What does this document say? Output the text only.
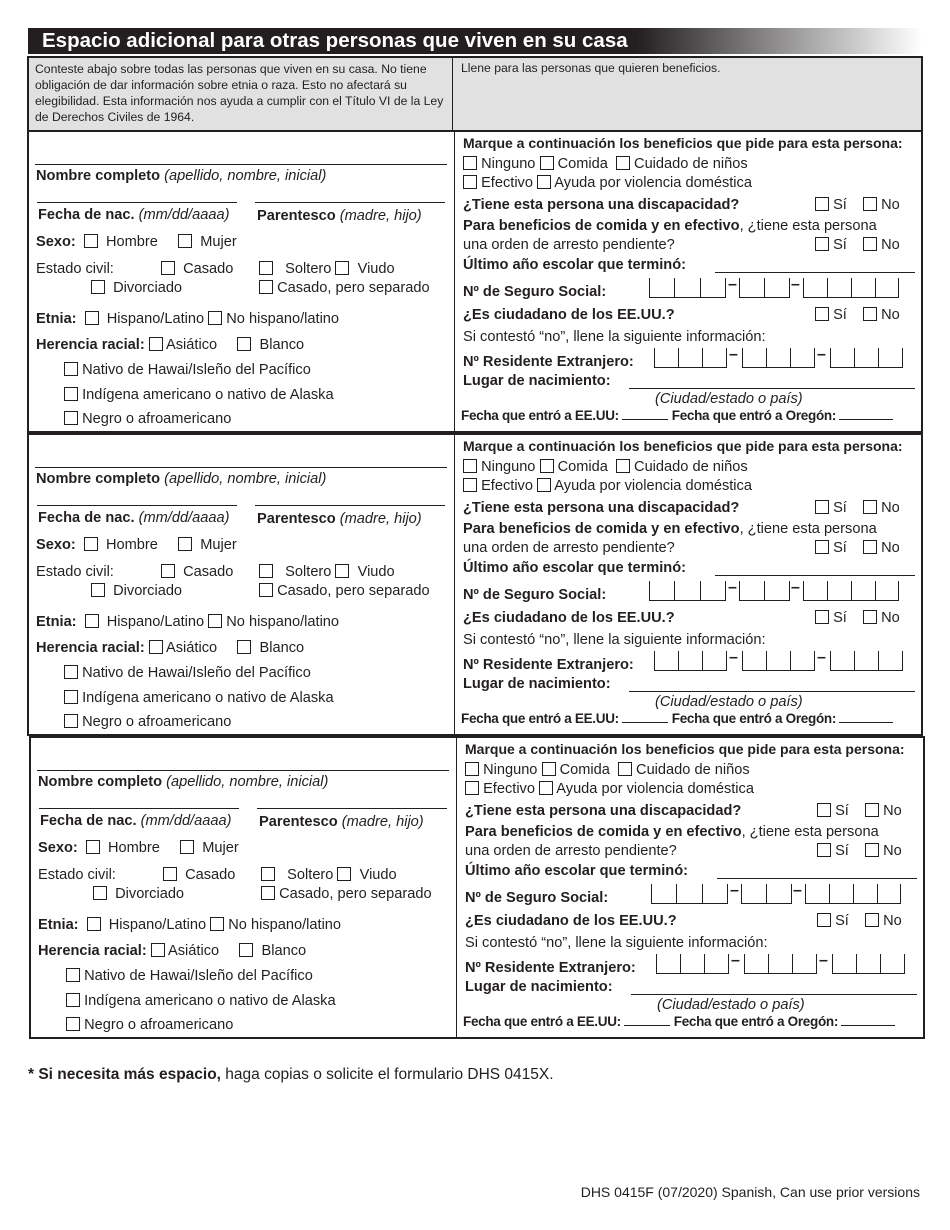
Espacio adicional para otras personas que viven en su casa
Conteste abajo sobre todas las personas que viven en su casa. No tiene
obligación de dar información sobre etnia o raza. Esto no afectará su
elegibilidad. Esta información nos ayuda a cumplir con el Título VI de la Ley
de Derechos Civiles de 1964.
Llene para las personas que quieren beneficios.
Nombre completo (apellido, nombre, inicial)
Fecha de nac. (mm/dd/aaaa) Parentesco (madre, hijo)
Sexo: Hombre	Mujer
Estado civil:	Casado	Soltero Viudo
Divorciado	Casado, pero separado
Etnia: Hispano/Latino No hispano/latino
Herencia racial: Asiático	Blanco
Nativo de Hawai/Isleño del Pacífico
Indígena americano o nativo de Alaska
Negro o afroamericano
Marque a continuación los beneficios que pide para esta persona:
Ninguno Comida Cuidado de niños
Efectivo Ayuda por violencia doméstica
¿Tiene esta persona una discapacidad?	Sí No
Para beneficios de comida y en efectivo, ¿tiene esta persona
una orden de arresto pendiente?	Sí No
Último año escolar que terminó:
Nº de Seguro Social:	–	–
¿Es ciudadano de los EE.UU.?	Sí No
Si contestó “no”, llene la siguiente información:
Nº Residente Extranjero:	–	–
Lugar de nacimiento:
(Ciudad/estado o país)
Fecha que entró a EE.UU:	Fecha que entró a Oregón:
Nombre completo (apellido, nombre, inicial)
Fecha de nac. (mm/dd/aaaa) Parentesco (madre, hijo)
Sexo: Hombre	Mujer
Estado civil:	Casado	Soltero Viudo
Divorciado	Casado, pero separado
Etnia: Hispano/Latino No hispano/latino
Herencia racial: Asiático	Blanco
Nativo de Hawai/Isleño del Pacífico
Indígena americano o nativo de Alaska
Negro o afroamericano
Marque a continuación los beneficios que pide para esta persona:
Ninguno Comida Cuidado de niños
Efectivo Ayuda por violencia doméstica
¿Tiene esta persona una discapacidad?	Sí No
Para beneficios de comida y en efectivo, ¿tiene esta persona
una orden de arresto pendiente?	Sí No
Último año escolar que terminó:
Nº de Seguro Social:	–	–
¿Es ciudadano de los EE.UU.?	Sí No
Si contestó “no”, llene la siguiente información:
Nº Residente Extranjero:	–	–
Lugar de nacimiento:
(Ciudad/estado o país)
Fecha que entró a EE.UU:	Fecha que entró a Oregón:
Nombre completo (apellido, nombre, inicial)
Fecha de nac. (mm/dd/aaaa) Parentesco (madre, hijo)
Sexo: Hombre	Mujer
Estado civil:	Casado	Soltero Viudo
Divorciado	Casado, pero separado
Etnia: Hispano/Latino No hispano/latino
Herencia racial: Asiático	Blanco
Nativo de Hawai/Isleño del Pacífico
Indígena americano o nativo de Alaska
Negro o afroamericano
Marque a continuación los beneficios que pide para esta persona:
Ninguno Comida Cuidado de niños
Efectivo Ayuda por violencia doméstica
¿Tiene esta persona una discapacidad?	Sí No
Para beneficios de comida y en efectivo, ¿tiene esta persona
una orden de arresto pendiente?	Sí No
Último año escolar que terminó:
Nº de Seguro Social:	–	–
¿Es ciudadano de los EE.UU.?	Sí No
Si contestó “no”, llene la siguiente información:
Nº Residente Extranjero:	–	–
Lugar de nacimiento:
(Ciudad/estado o país)
Fecha que entró a EE.UU:	Fecha que entró a Oregón:
* Si necesita más espacio, haga copias o solicite el formulario DHS 0415X.
DHS 0415F (07/2020) Spanish, Can use prior versions
